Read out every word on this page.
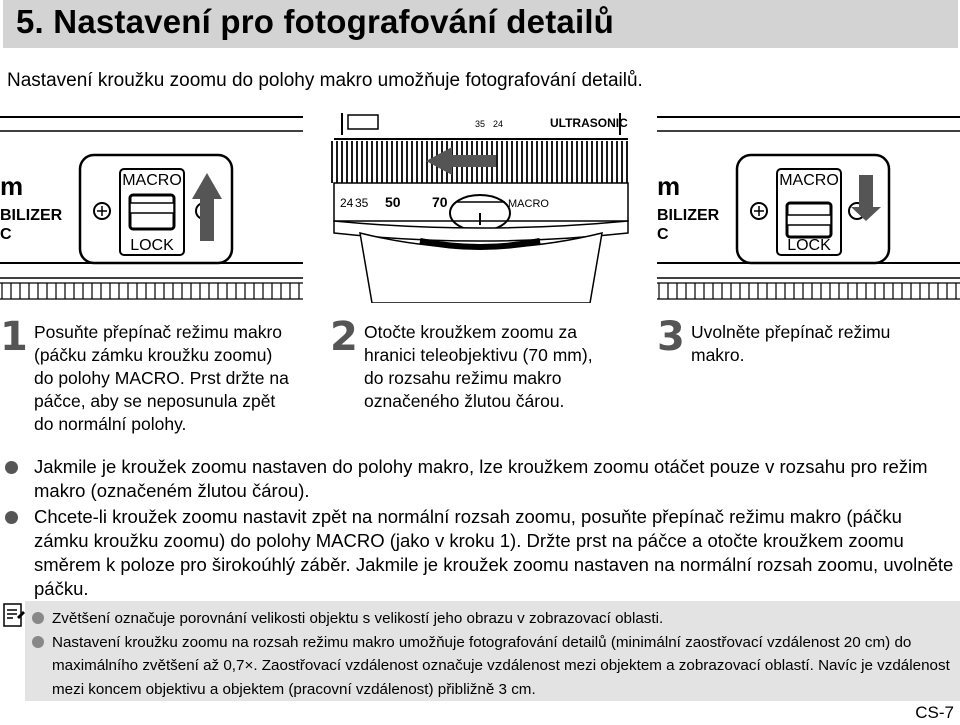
5. Nastavení pro fotografování detailů
Nastavení kroužku zoomu do polohy makro umožňuje fotografování detailů.
m
BILIZER
C
MACRO
LOCK
35 24	ULTRASONIC
24 35 50 70	MACRO
m
BILIZER
C
MACRO
LOCK
1 Posuňte přepínač režimu makro
(páčku zámku kroužku zoomu)
do polohy MACRO. Prst držte na
páčce, aby se neposunula zpět
do normální polohy.
2 Otočte kroužkem zoomu za
hranici teleobjektivu (70 mm),
do rozsahu režimu makro
označeného žlutou čárou.
3 Uvolněte přepínač režimu
makro.
Jakmile je kroužek zoomu nastaven do polohy makro, lze kroužkem zoomu otáčet pouze v rozsahu pro režim makro (označeném žlutou čárou).
Chcete-li kroužek zoomu nastavit zpět na normální rozsah zoomu, posuňte přepínač režimu makro (páčku zámku kroužku zoomu) do polohy MACRO (jako v kroku 1). Držte prst na páčce a otočte kroužkem zoomu směrem k poloze pro širokoúhlý záběr. Jakmile je kroužek zoomu nastaven na normální rozsah zoomu, uvolněte páčku.
Zvětšení označuje porovnání velikosti objektu s velikostí jeho obrazu v zobrazovací oblasti.
Nastavení kroužku zoomu na rozsah režimu makro umožňuje fotografování detailů (minimální zaostřovací vzdálenost 20 cm) do maximálního zvětšení až 0,7×. Zaostřovací vzdálenost označuje vzdálenost mezi objektem a zobrazovací oblastí. Navíc je vzdálenost mezi koncem objektivu a objektem (pracovní vzdálenost) přibližně 3 cm.
CS-7
